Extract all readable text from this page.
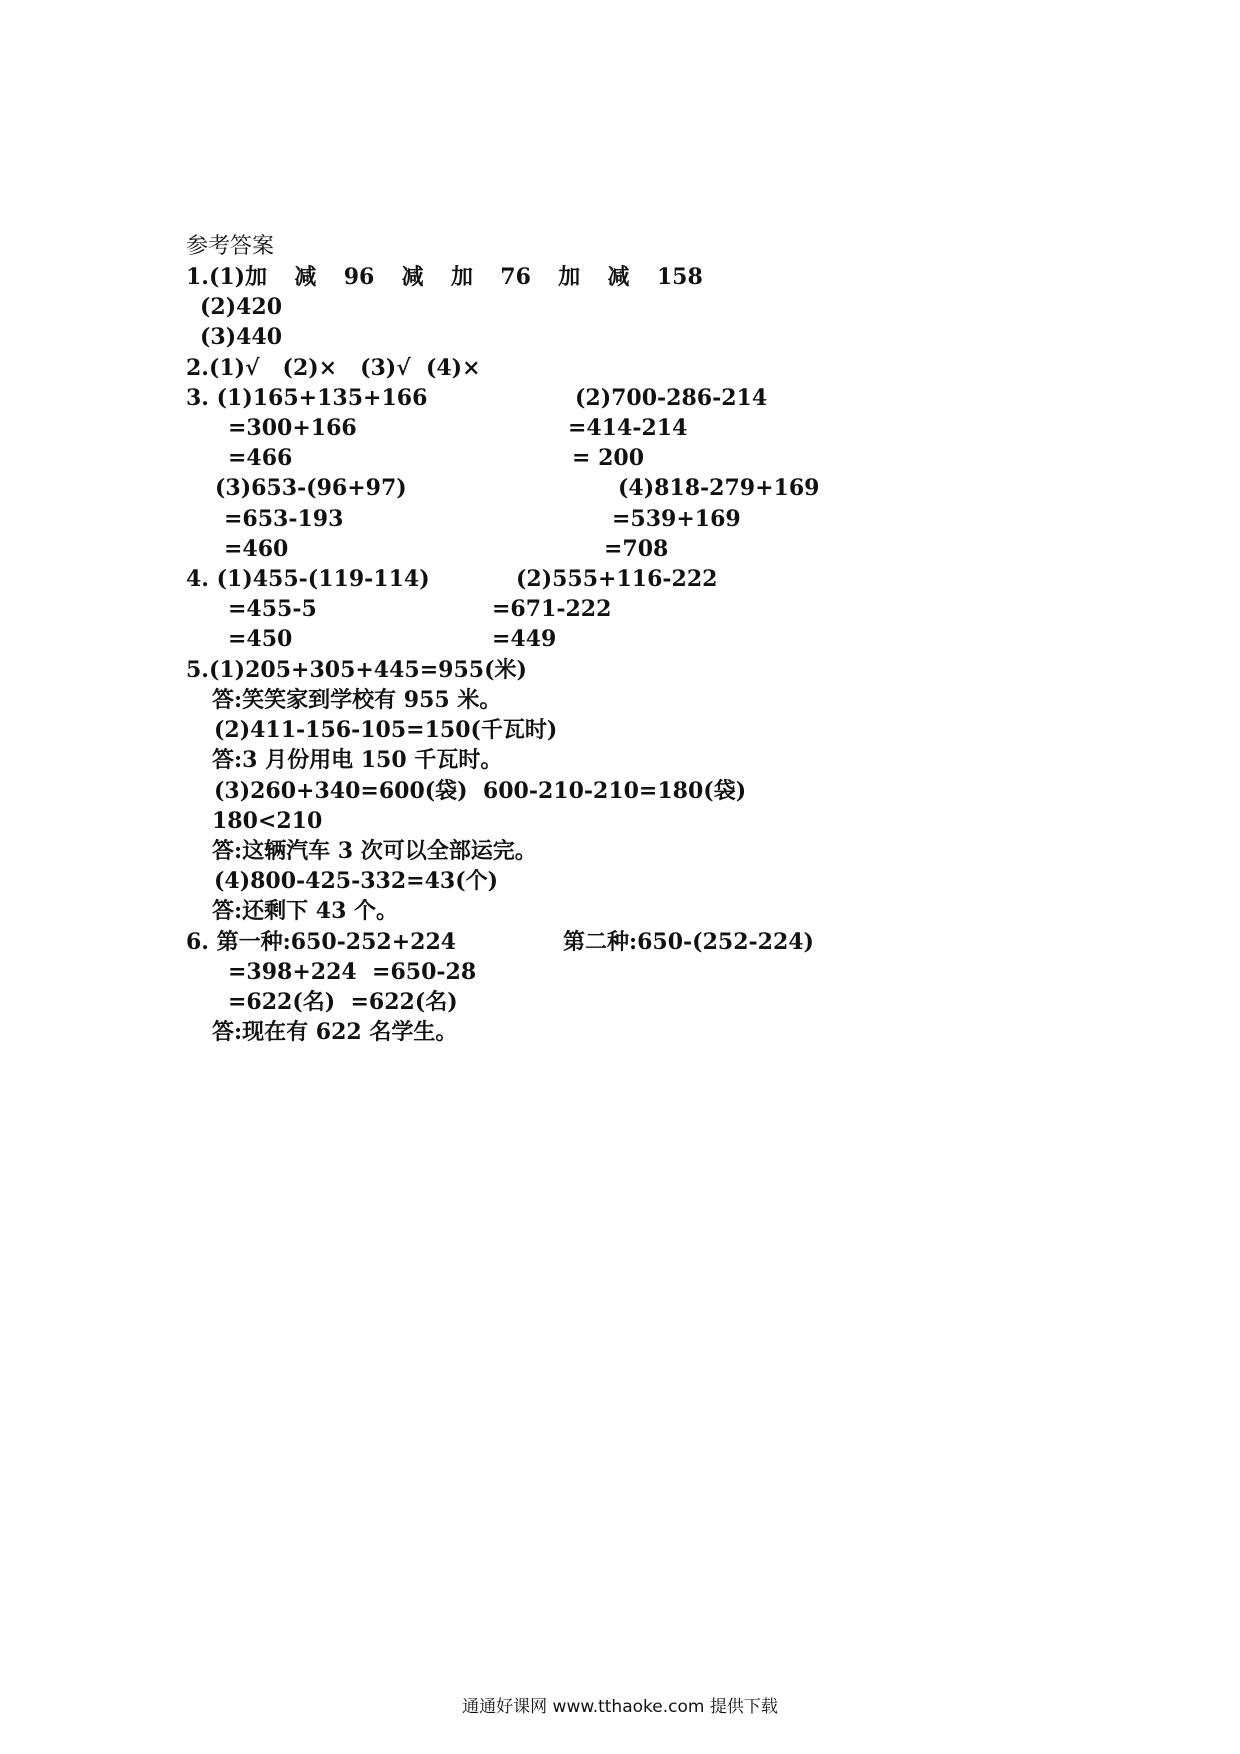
参考答案
1.(1)加  减  96  减  加  76  加  减  158
(2)420
(3)440
2.(1)√   (2)×   (3)√  (4)×
3. (1)165+135+166
=300+166
=466
(2)700-286-214
=414-214
= 200
(3)653-(96+97)
=653-193
=460
(4)818-279+169
=539+169
=708
4. (1)455-(119-114)
=455-5
=450
(2)555+116-222
=671-222
=449
5.(1)205+305+445=955(米)
答:笑笑家到学校有 955 米。
(2)411-156-105=150(千瓦时)
答:3 月份用电 150 千瓦时。
(3)260+340=600(袋)  600-210-210=180(袋)
180<210
答:这辆汽车 3 次可以全部运完。
(4)800-425-332=43(个)
答:还剩下 43 个。
6. 第一种:650-252+224	第二种:650-(252-224)
=398+224  =650-28
=622(名)  =622(名)
答:现在有 622 名学生。
通通好课网 www.tthaoke.com 提供下载
